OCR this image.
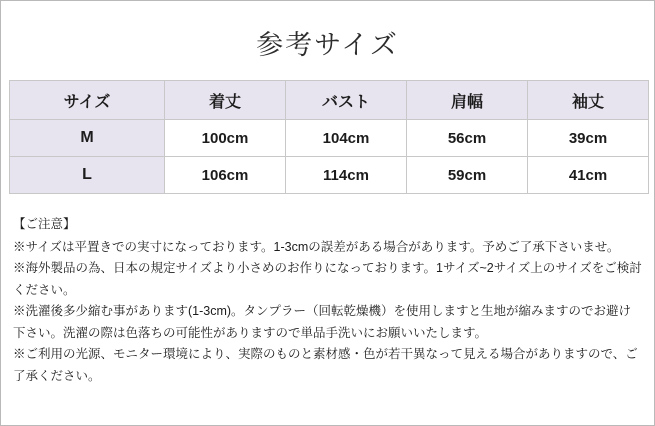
参考サイズ
サイズ	着丈	バスト	肩幅	袖丈
M	100cm	104cm	56cm	39cm
L	106cm	114cm	59cm	41cm

【ご注意】

※サイズは平置きでの実寸になっております。1-3cmの誤差がある場合があります。予めご了承下さいませ。

※海外製品の為、日本の規定サイズより小さめのお作りになっております。1サイズ~2サイズ上のサイズをご検討ください。

※洗濯後多少縮む事があります(1-3cm)。タンプラー（回転乾燥機）を使用しますと生地が縮みますのでお避け下さい。洗濯の際は色落ちの可能性がありますので単品手洗いにお願いいたします。

※ご利用の光源、モニター環境により、実際のものと素材感・色が若干異なって見える場合がありますので、ご了承ください。
